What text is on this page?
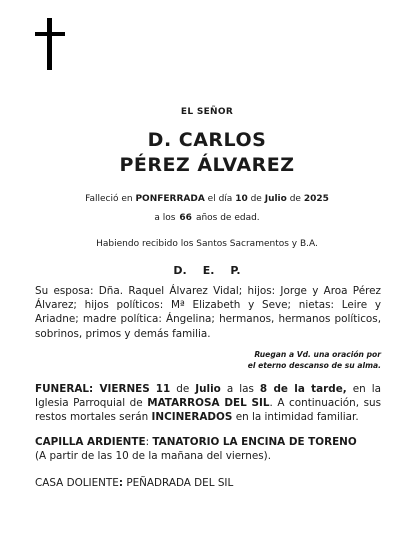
EL SEÑOR
D. CARLOS
PÉREZ ÁLVAREZ
Falleció en PONFERRADA el día 10 de Julio de 2025
a los 66 años de edad.
Habiendo recibido los Santos Sacramentos y B.A.
D. E. P.
Su esposa: Dña. Raquel Álvarez Vidal; hijos: Jorge y Aroa Pérez Álvarez; hijos políticos: Mª Elizabeth y Seve; nietas: Leire y Ariadne; madre política: Ángelina; hermanos, hermanos políticos, sobrinos, primos y demás familia.
Ruegan a Vd. una oración por
el eterno descanso de su alma.
FUNERAL: VIERNES 11 de Julio a las 8 de la tarde, en la Iglesia Parroquial de MATARROSA DEL SIL. A continuación, sus restos mortales serán INCINERADOS en la intimidad familiar.
CAPILLA ARDIENTE: TANATORIO LA ENCINA DE TORENO
(A partir de las 10 de la mañana del viernes).
CASA DOLIENTE: PEÑADRADA DEL SIL
